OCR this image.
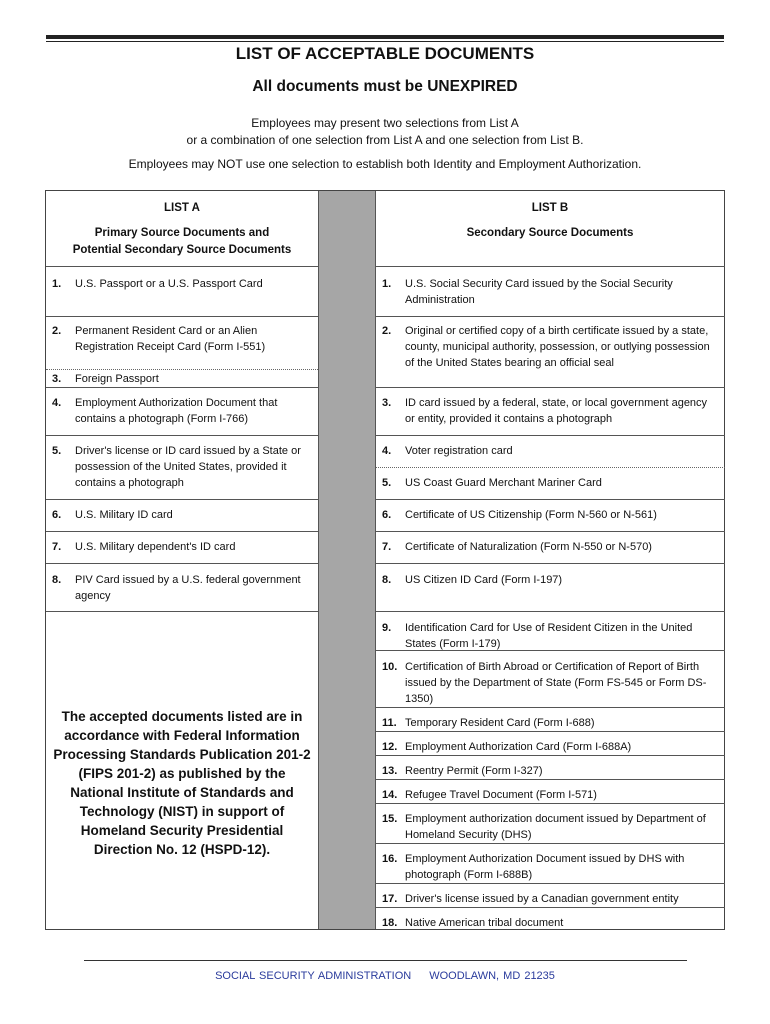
LIST OF ACCEPTABLE DOCUMENTS
All documents must be UNEXPIRED
Employees may present two selections from List A
or a combination of one selection from List A and one selection from List B.
Employees may NOT use one selection to establish both Identity and Employment Authorization.
LIST A
Primary Source Documents and
Potential Secondary Source Documents
LIST B
Secondary Source Documents
1. U.S. Passport or a U.S. Passport Card
2. Permanent Resident Card or an Alien Registration Receipt Card (Form I-551)
3. Foreign Passport
4. Employment Authorization Document that contains a photograph (Form I-766)
5. Driver's license or ID card issued by a State or possession of the United States, provided it contains a photograph
6. U.S. Military ID card
7. U.S. Military dependent's ID card
8. PIV Card issued by a U.S. federal government agency
The accepted documents listed are in accordance with Federal Information Processing Standards Publication 201-2 (FIPS 201-2) as published by the National Institute of Standards and Technology (NIST) in support of Homeland Security Presidential Direction No. 12 (HSPD-12).
1. U.S. Social Security Card issued by the Social Security Administration
2. Original or certified copy of a birth certificate issued by a state, county, municipal authority, possession, or outlying possession of the United States bearing an official seal
3. ID card issued by a federal, state, or local government agency or entity, provided it contains a photograph
4. Voter registration card
5. US Coast Guard Merchant Mariner Card
6. Certificate of US Citizenship (Form N-560 or N-561)
7. Certificate of Naturalization (Form N-550 or N-570)
8. US Citizen ID Card (Form I-197)
9. Identification Card for Use of Resident Citizen in the United States (Form I-179)
10. Certification of Birth Abroad or Certification of Report of Birth issued by the Department of State (Form FS-545 or Form DS-1350)
11. Temporary Resident Card (Form I-688)
12. Employment Authorization Card (Form I-688A)
13. Reentry Permit (Form I-327)
14. Refugee Travel Document (Form I-571)
15. Employment authorization document issued by Department of Homeland Security (DHS)
16. Employment Authorization Document issued by DHS with photograph (Form I-688B)
17. Driver's license issued by a Canadian government entity
18. Native American tribal document
SOCIAL SECURITY ADMINISTRATION WOODLAWN, MD 21235
